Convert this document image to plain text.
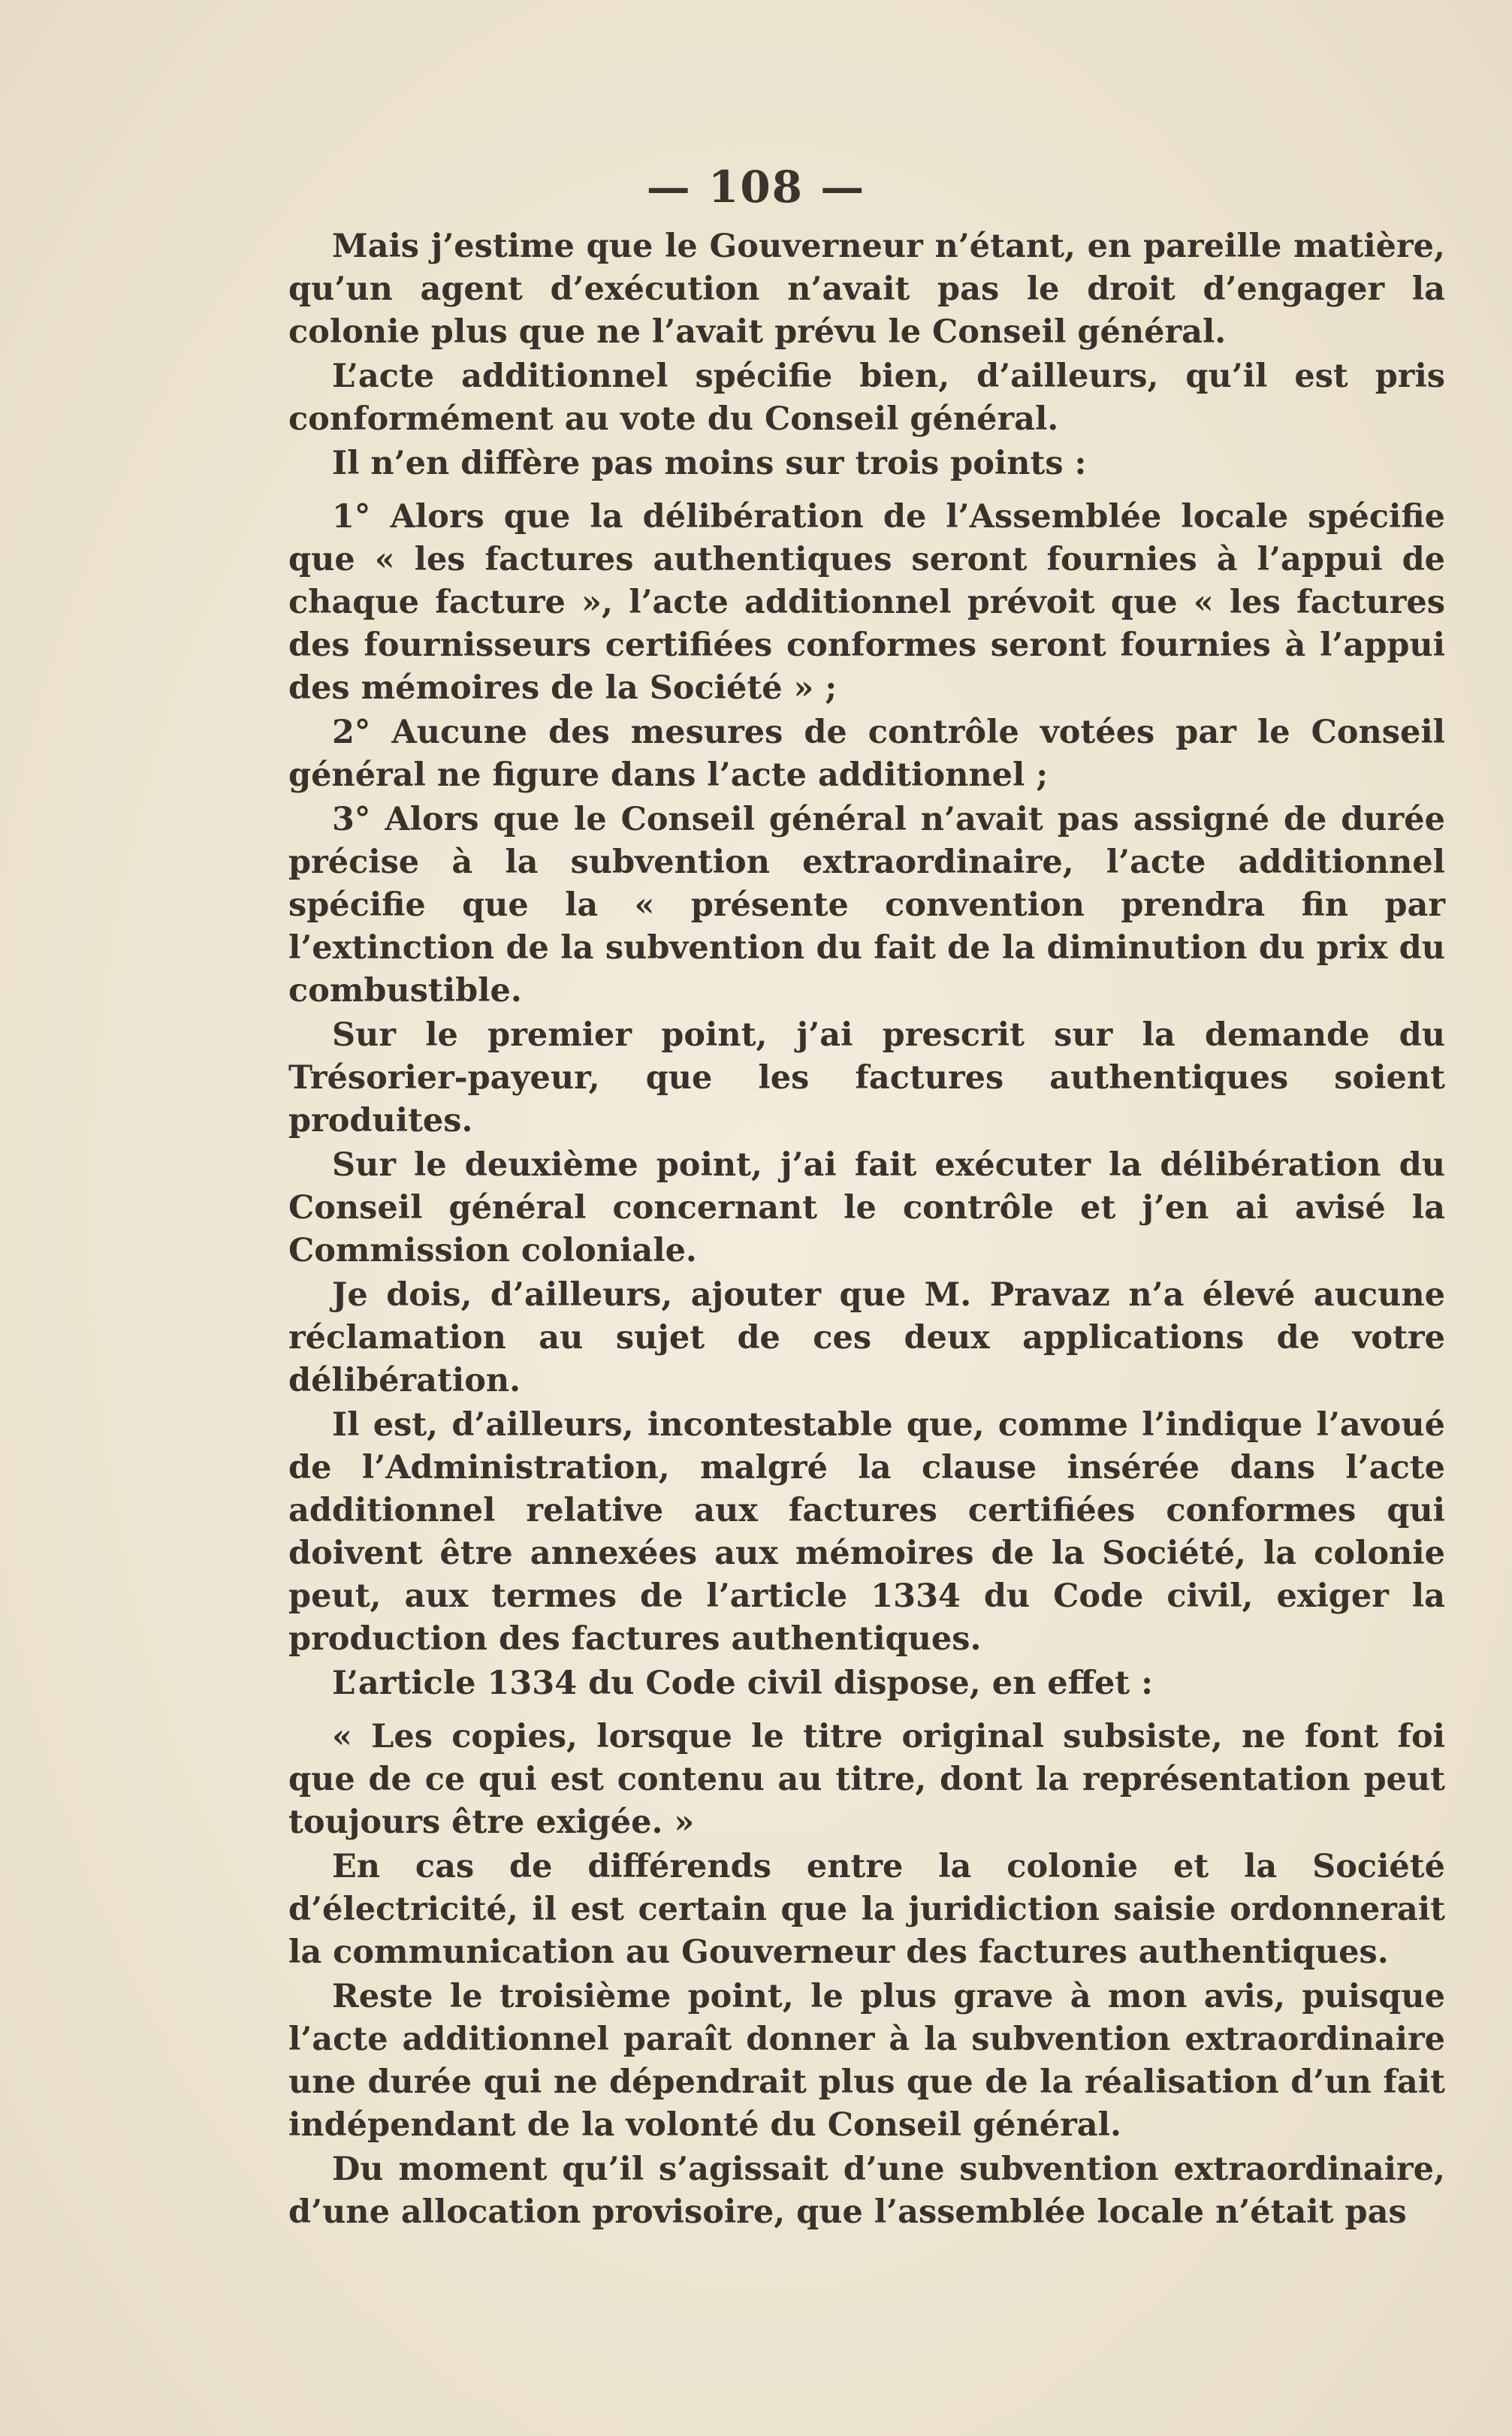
— 108 —

Mais j’estime que le Gouverneur n’étant, en pareille matière, qu’un agent d’exécution n’avait pas le droit d’engager la colonie plus que ne l’avait prévu le Conseil général.

L’acte additionnel spécifie bien, d’ailleurs, qu’il est pris conformément au vote du Conseil général.

Il n’en diffère pas moins sur trois points :

1° Alors que la délibération de l’Assemblée locale spécifie que « les factures authentiques seront fournies à l’appui de chaque facture », l’acte additionnel prévoit que « les factures des fournisseurs certifiées conformes seront fournies à l’appui des mémoires de la Société » ;

2° Aucune des mesures de contrôle votées par le Conseil général ne figure dans l’acte additionnel ;

3° Alors que le Conseil général n’avait pas assigné de durée précise à la subvention extraordinaire, l’acte additionnel spécifie que la « présente convention prendra fin par l’extinction de la subvention du fait de la diminution du prix du combustible.

Sur le premier point, j’ai prescrit sur la demande du Trésorier-payeur, que les factures authentiques soient produites.

Sur le deuxième point, j’ai fait exécuter la délibération du Conseil général concernant le contrôle et j’en ai avisé la Commission coloniale.

Je dois, d’ailleurs, ajouter que M. Pravaz n’a élevé aucune réclamation au sujet de ces deux applications de votre délibération.

Il est, d’ailleurs, incontestable que, comme l’indique l’avoué de l’Administration, malgré la clause insérée dans l’acte additionnel relative aux factures certifiées conformes qui doivent être annexées aux mémoires de la Société, la colonie peut, aux termes de l’article 1334 du Code civil, exiger la production des factures authentiques.

L’article 1334 du Code civil dispose, en effet :

« Les copies, lorsque le titre original subsiste, ne font foi que de ce qui est contenu au titre, dont la représentation peut toujours être exigée. »

En cas de différends entre la colonie et la Société d’électricité, il est certain que la juridiction saisie ordonnerait la communication au Gouverneur des factures authentiques.

Reste le troisième point, le plus grave à mon avis, puisque l’acte additionnel paraît donner à la subvention extraordinaire une durée qui ne dépendrait plus que de la réalisation d’un fait indépendant de la volonté du Conseil général.

Du moment qu’il s’agissait d’une subvention extraordinaire, d’une allocation provisoire, que l’assemblée locale n’était pas
